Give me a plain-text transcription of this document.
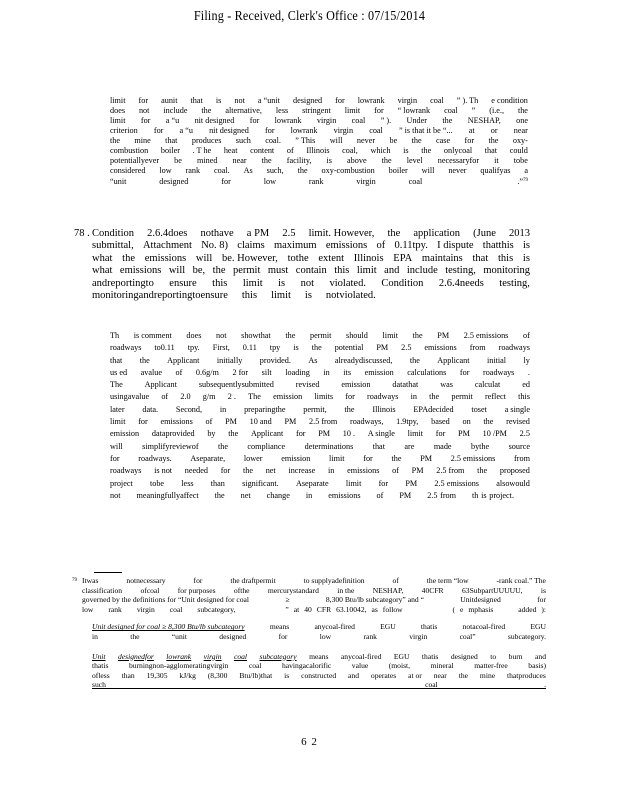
Filing - Received, Clerk's Office : 07/15/2014
limit for aunit that is not a “unit designed for lowrank virgin coal ” ). Th e condition
does not include the alternative, less stringent limit for “ lowrank coal ” (i.e., the
limit for a “u nit designed for lowrank virgin coal ” ). Under the NESHAP, one
criterion for a “u nit designed for lowrank virgin coal ” is that it be “... at or near
the mine that produces such coal. ” This will never be the case for the oxy-
combustion boiler . T he heat content of Illinois coal, which is the onlycoal that could
potentiallyever be mined near the facility, is above the level necessaryfor it tobe
considered low rank coal. As such, the oxy-combustion boiler will never qualifyas a
“unit designed for low rank virgin coal	.”$^{79}$
78 . Condition 2.6.4does nothave a PM 2.5 limit. However, the application (June 2013
submittal, Attachment No. 8) claims maximum emissions of 0.11tpy. I dispute thatthis is
what the emissions will be. However, tothe extent Illinois EPA maintains that this is
what emissions will be, the permit must contain this limit and include testing, monitoring
andreportingto ensure this limit is not violated. Condition 2.6.4needs testing,
monitoringandreportingtoensure this limit is notviolated.
Th is comment does not showthat the permit should limit the PM 2.5 emissions of
roadways to0.11 tpy. First, 0.11 tpy is the potential PM 2.5 emissions from roadways
that the Applicant initially provided. As alreadydiscussed, the Applicant initial ly
us ed avalue of 0.6g/m 2 for silt loading in its emission calculations for roadways .
The	Applicant	subsequentlysubmitted	revised	emission	datathat	was	calculat	ed
usingavalue of 2.0 g/m 2 . The emission limits for roadways in the permit reflect this
later data. Second, in preparingthe permit, the Illinois EPAdecided toset a single
limit for emissions of PM 10 and PM 2.5 from roadways, 1.9tpy, based on the revised
emission dataprovided by the Applicant for PM 10 . A single limit for PM 10 /PM 2.5
will simplifyreviewof the compliance determinations that are made bythe source
for roadways. Aseparate, lower emission limit for the PM 2.5 emissions from
roadways is not needed for the net increase in emissions of PM 2.5 from the proposed
project tobe less than significant. Aseparate limit for PM 2.5 emissions alsowould
not meaningfullyaffect the net change in emissions of PM 2.5 from th is project.
79 Itwas	notnecessary	for	the draftpermit	to supplyadefinition	of	the term “low	-rank coal.” The
classification ofcoal for purposes ofthe mercurystandard in the NESHAP, 40CFR 63SubpartUUUUU, is
governed by the definitions for “Unit designed for coal	≥	8,300 Btu/lb subcategory” and “	Unitdesigned	for
low   rank   virgin   coal   subcategory,          ” at 40 CFR 63.10042, as follow          ( e mphasis     added ):
Unit designed for coal ≥ 8,300 Btu/lb subcategory	means	anycoal-fired	EGU	thatis	notacoal-fired	EGU
in the “unit designed for low rank virgin coal” subcategory.
Unit designedfor lowrank virgin coal subcategory means anycoal-fired EGU thatis designed to burn and
thatis	burningnon-agglomeratingvirgin	coal	havingacalorific	value	(moist,	mineral	matter-free	basis)
ofless than 19,305 kJ/kg (8,300 Btu/lb)that is constructed and operates at or near the mine thatproduces
such   coal .
6 2
